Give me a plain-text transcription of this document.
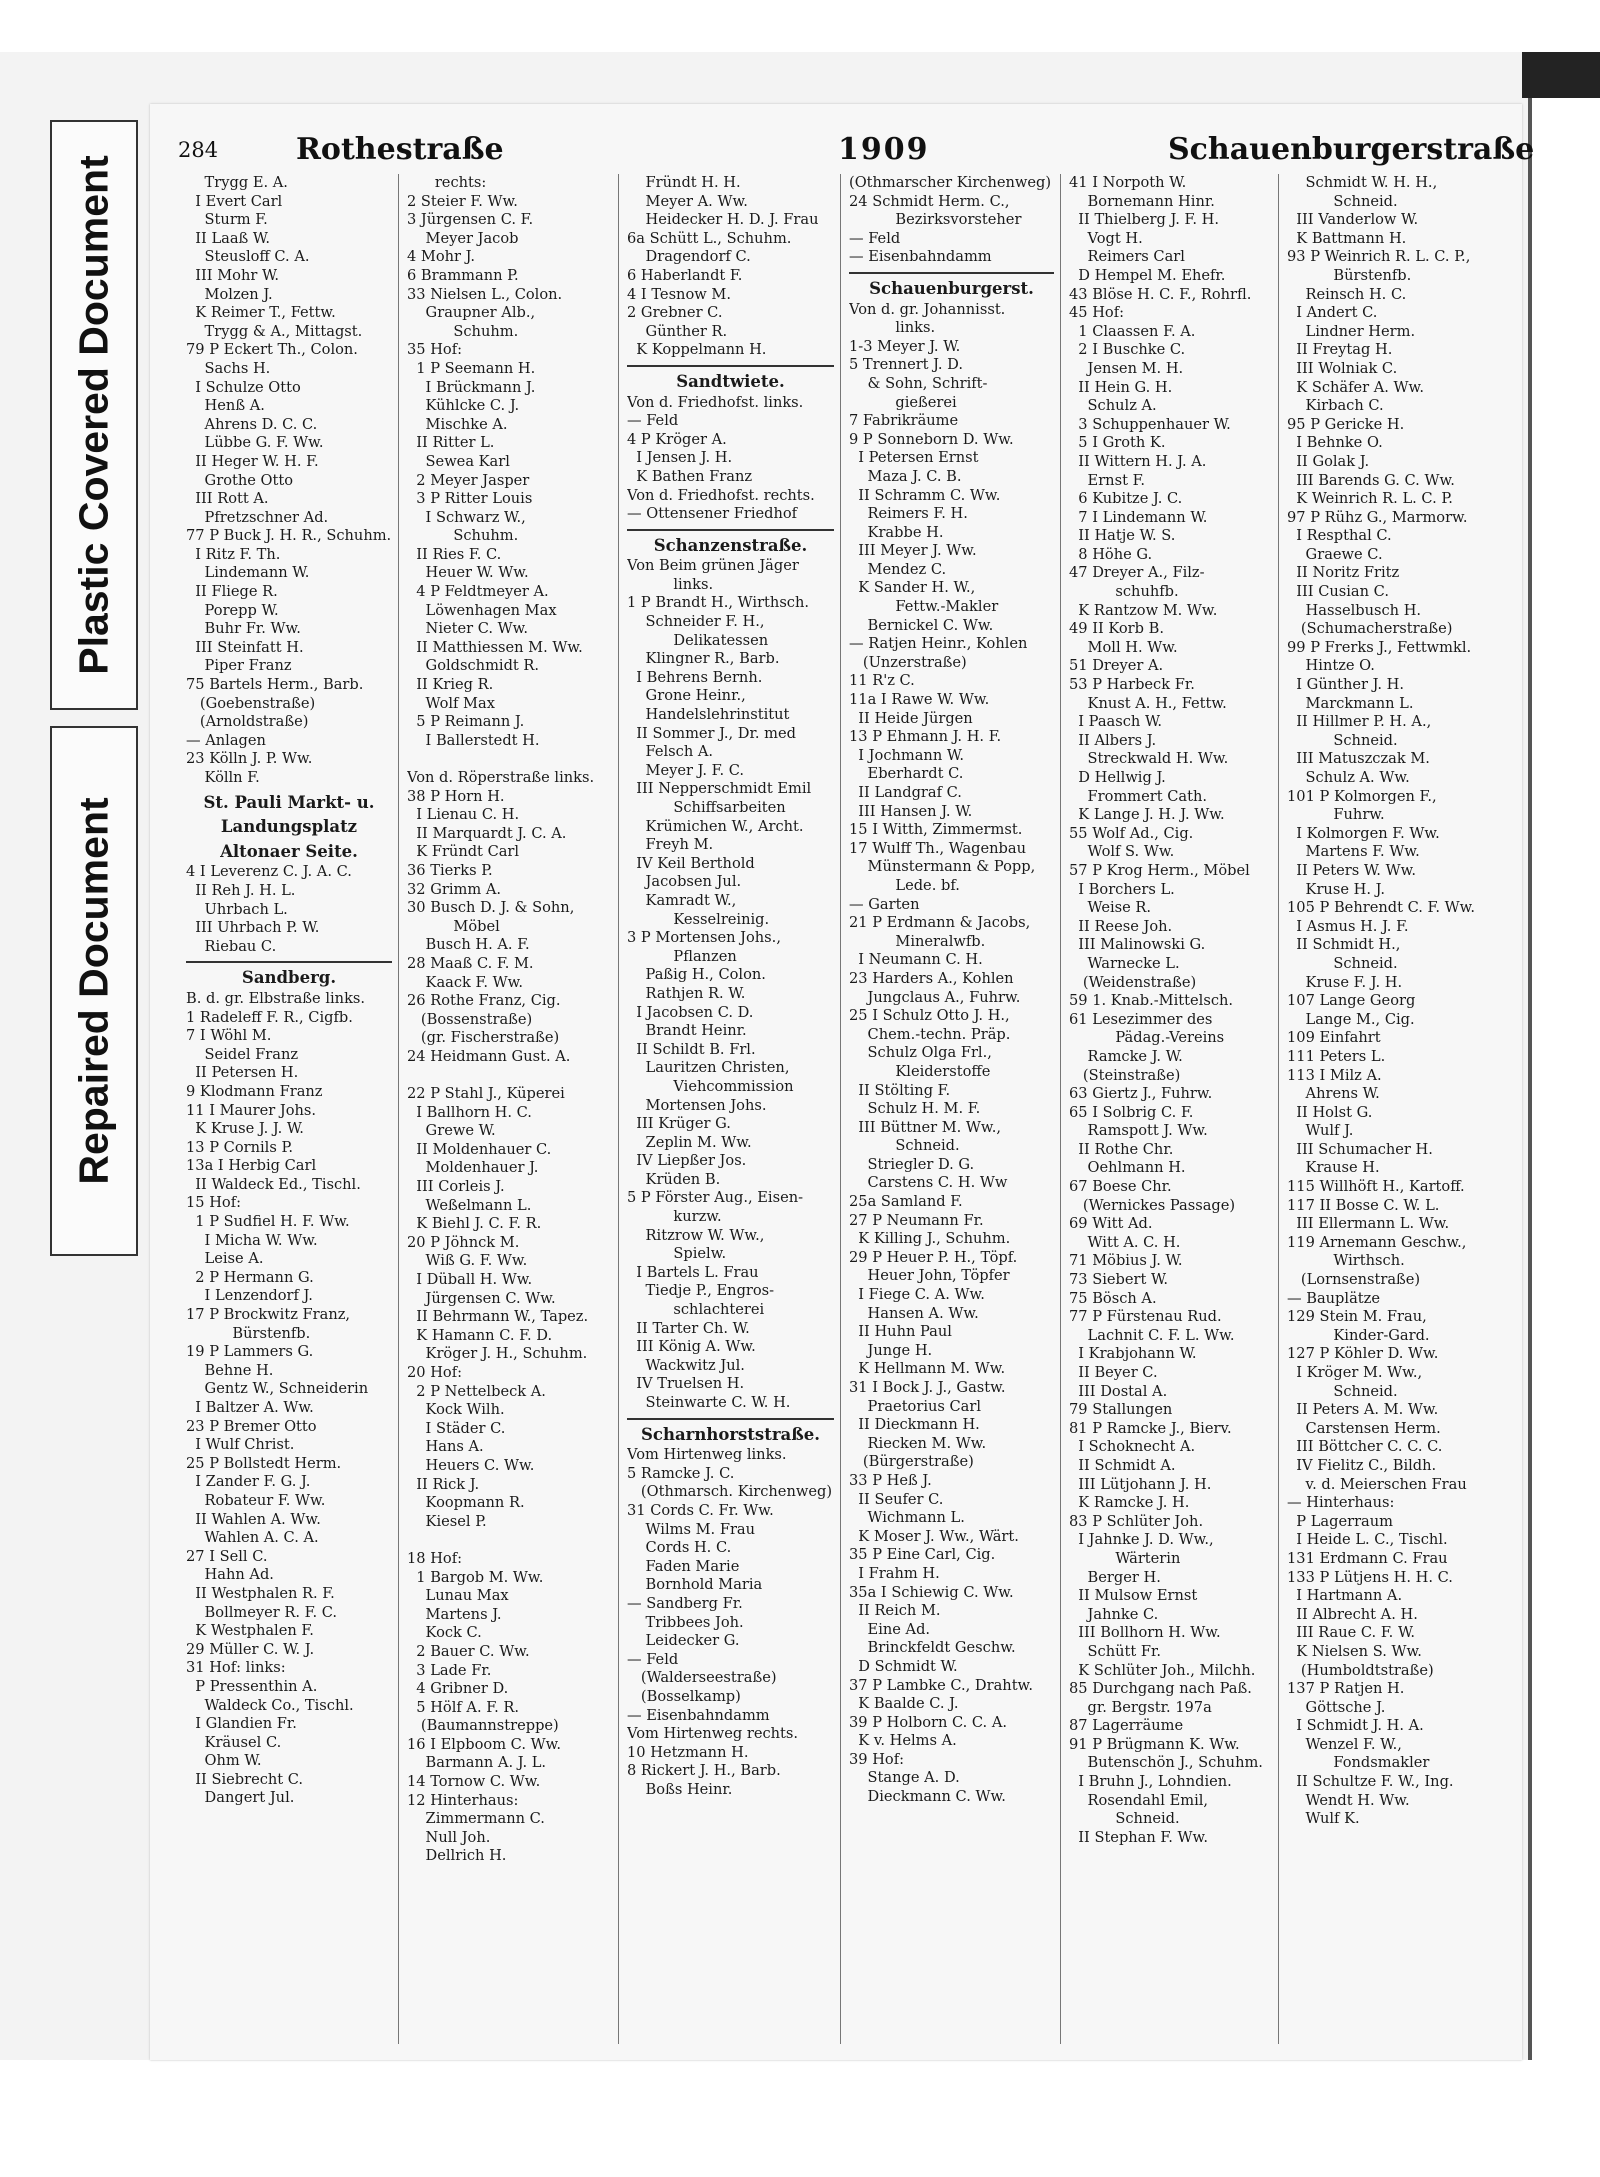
Plastic Covered Document
Repaired Document
284	Rothestraße	1909	Schauenburgerstraße
Trygg E. A.
I Evert Carl
Sturm F.
II Laaß W.
Steusloff C. A.
III Mohr W.
Molzen J.
K Reimer T., Fettw.
Trygg & A., Mittagst.
79 P Eckert Th., Colon.
Sachs H.
I Schulze Otto
Henß A.
Ahrens D. C. C.
Lübbe G. F. Ww.
II Heger W. H. F.
Grothe Otto
III Rott A.
Pfretzschner Ad.
77 P Buck J. H. R., Schuhm.
I Ritz F. Th.
Lindemann W.
II Fliege R.
Porepp W.
Buhr Fr. Ww.
III Steinfatt H.
Piper Franz
75 Bartels Herm., Barb.
(Goebenstraße)
(Arnoldstraße)
— Anlagen
23 Kölln J. P. Ww.
Kölln F.
St. Pauli Markt- u.
Landungsplatz
Altonaer Seite.
4 I Leverenz C. J. A. C.
II Reh J. H. L.
Uhrbach L.
III Uhrbach P. W.
Riebau C.
Sandberg.
B. d. gr. Elbstraße links.
1 Radeleff F. R., Cigfb.
7 I Wöhl M.
Seidel Franz
II Petersen H.
9 Klodmann Franz
11 I Maurer Johs.
K Kruse J. J. W.
13 P Cornils P.
13a I Herbig Carl
II Waldeck Ed., Tischl.
15 Hof:
1 P Sudfiel H. F. Ww.
I Micha W. Ww.
Leise A.
2 P Hermann G.
I Lenzendorf J.
17 P Brockwitz Franz,
Bürstenfb.
19 P Lammers G.
Behne H.
Gentz W., Schneiderin
I Baltzer A. Ww.
23 P Bremer Otto
I Wulf Christ.
25 P Bollstedt Herm.
I Zander F. G. J.
Robateur F. Ww.
II Wahlen A. Ww.
Wahlen A. C. A.
27 I Sell C.
Hahn Ad.
II Westphalen R. F.
Bollmeyer R. F. C.
K Westphalen F.
29 Müller C. W. J.
31 Hof: links:
P Pressenthin A.
Waldeck Co., Tischl.
I Glandien Fr.
Kräusel C.
Ohm W.
II Siebrecht C.
Dangert Jul.
rechts:
2 Steier F. Ww.
3 Jürgensen C. F.
Meyer Jacob
4 Mohr J.
6 Brammann P.
33 Nielsen L., Colon.
Graupner Alb.,
Schuhm.
35 Hof:
1 P Seemann H.
I Brückmann J.
Kühlcke C. J.
Mischke A.
II Ritter L.
Sewea Karl
2 Meyer Jasper
3 P Ritter Louis
I Schwarz W.,
Schuhm.
II Ries F. C.
Heuer W. Ww.
4 P Feldtmeyer A.
Löwenhagen Max
Nieter C. Ww.
II Matthiessen M. Ww.
Goldschmidt R.
II Krieg R.
Wolf Max
5 P Reimann J.
I Ballerstedt H.
Von d. Röperstraße links.
38 P Horn H.
I Lienau C. H.
II Marquardt J. C. A.
K Fründt Carl
36 Tierks P.
32 Grimm A.
30 Busch D. J. & Sohn,
Möbel
Busch H. A. F.
28 Maaß C. F. M.
Kaack F. Ww.
26 Rothe Franz, Cig.
(Bossenstraße)
(gr. Fischerstraße)
24 Heidmann Gust. A.
22 P Stahl J., Küperei
I Ballhorn H. C.
Grewe W.
II Moldenhauer C.
Moldenhauer J.
III Corleis J.
Weßelmann L.
K Biehl J. C. F. R.
20 P Jöhnck M.
Wiß G. F. Ww.
I Düball H. Ww.
Jürgensen C. Ww.
II Behrmann W., Tapez.
K Hamann C. F. D.
Kröger J. H., Schuhm.
20 Hof:
2 P Nettelbeck A.
Kock Wilh.
I Städer C.
Hans A.
Heuers C. Ww.
II Rick J.
Koopmann R.
Kiesel P.
18 Hof:
1 Bargob M. Ww.
Lunau Max
Martens J.
Kock C.
2 Bauer C. Ww.
3 Lade Fr.
4 Gribner D.
5 Hölf A. F. R.
(Baumannstreppe)
16 I Elpboom C. Ww.
Barmann A. J. L.
14 Tornow C. Ww.
12 Hinterhaus:
Zimmermann C.
Null Joh.
Dellrich H.
Fründt H. H.
Meyer A. Ww.
Heidecker H. D. J. Frau
6a Schütt L., Schuhm.
Dragendorf C.
6 Haberlandt F.
4 I Tesnow M.
2 Grebner C.
Günther R.
K Koppelmann H.
Sandtwiete.
Von d. Friedhofst. links.
— Feld
4 P Kröger A.
I Jensen J. H.
K Bathen Franz
Von d. Friedhofst. rechts.
— Ottensener Friedhof
Schanzenstraße.
Von Beim grünen Jäger
links.
1 P Brandt H., Wirthsch.
Schneider F. H.,
Delikatessen
Klingner R., Barb.
I Behrens Bernh.
Grone Heinr.,
Handelslehrinstitut
II Sommer J., Dr. med
Felsch A.
Meyer J. F. C.
III Nepperschmidt Emil
Schiffsarbeiten
Krümichen W., Archt.
Freyh M.
IV Keil Berthold
Jacobsen Jul.
Kamradt W.,
Kesselreinig.
3 P Mortensen Johs.,
Pflanzen
Paßig H., Colon.
Rathjen R. W.
I Jacobsen C. D.
Brandt Heinr.
II Schildt B. Frl.
Lauritzen Christen,
Viehcommission
Mortensen Johs.
III Krüger G.
Zeplin M. Ww.
IV Liepßer Jos.
Krüden B.
5 P Förster Aug., Eisen-
kurzw.
Ritzrow W. Ww.,
Spielw.
I Bartels L. Frau
Tiedje P., Engros-
schlachterei
II Tarter Ch. W.
III König A. Ww.
Wackwitz Jul.
IV Truelsen H.
Steinwarte C. W. H.
Scharnhorststraße.
Vom Hirtenweg links.
5 Ramcke J. C.
(Othmarsch. Kirchenweg)
31 Cords C. Fr. Ww.
Wilms M. Frau
Cords H. C.
Faden Marie
Bornhold Maria
— Sandberg Fr.
Tribbees Joh.
Leidecker G.
— Feld
(Walderseestraße)
(Bosselkamp)
— Eisenbahndamm
Vom Hirtenweg rechts.
10 Hetzmann H.
8 Rickert J. H., Barb.
Boßs Heinr.
(Othmarscher Kirchenweg)
24 Schmidt Herm. C.,
Bezirksvorsteher
— Feld
— Eisenbahndamm
Schauenburgerst.
Von d. gr. Johannisst.
links.
1-3 Meyer J. W.
5 Trennert J. D.
& Sohn, Schrift-
gießerei
7 Fabrikräume
9 P Sonneborn D. Ww.
I Petersen Ernst
Maza J. C. B.
II Schramm C. Ww.
Reimers F. H.
Krabbe H.
III Meyer J. Ww.
Mendez C.
K Sander H. W.,
Fettw.-Makler
Bernickel C. Ww.
— Ratjen Heinr., Kohlen
(Unzerstraße)
11 R'z C.
11a I Rawe W. Ww.
II Heide Jürgen
13 P Ehmann J. H. F.
I Jochmann W.
Eberhardt C.
II Landgraf C.
III Hansen J. W.
15 I Witth, Zimmermst.
17 Wulff Th., Wagenbau
Münstermann & Popp,
Lede. bf.
— Garten
21 P Erdmann & Jacobs,
Mineralwfb.
I Neumann C. H.
23 Harders A., Kohlen
Jungclaus A., Fuhrw.
25 I Schulz Otto J. H.,
Chem.-techn. Präp.
Schulz Olga Frl.,
Kleiderstoffe
II Stölting F.
Schulz H. M. F.
III Büttner M. Ww.,
Schneid.
Striegler D. G.
Carstens C. H. Ww
25a Samland F.
27 P Neumann Fr.
K Killing J., Schuhm.
29 P Heuer P. H., Töpf.
Heuer John, Töpfer
I Fiege C. A. Ww.
Hansen A. Ww.
II Huhn Paul
Junge H.
K Hellmann M. Ww.
31 I Bock J. J., Gastw.
Praetorius Carl
II Dieckmann H.
Riecken M. Ww.
(Bürgerstraße)
33 P Heß J.
II Seufer C.
Wichmann L.
K Moser J. Ww., Wärt.
35 P Eine Carl, Cig.
I Frahm H.
35a I Schiewig C. Ww.
II Reich M.
Eine Ad.
Brinckfeldt Geschw.
D Schmidt W.
37 P Lambke C., Drahtw.
K Baalde C. J.
39 P Holborn C. C. A.
K v. Helms A.
39 Hof:
Stange A. D.
Dieckmann C. Ww.
41 I Norpoth W.
Bornemann Hinr.
II Thielberg J. F. H.
Vogt H.
Reimers Carl
D Hempel M. Ehefr.
43 Blöse H. C. F., Rohrfl.
45 Hof:
1 Claassen F. A.
2 I Buschke C.
Jensen M. H.
II Hein G. H.
Schulz A.
3 Schuppenhauer W.
5 I Groth K.
II Wittern H. J. A.
Ernst F.
6 Kubitze J. C.
7 I Lindemann W.
II Hatje W. S.
8 Höhe G.
47 Dreyer A., Filz-
schuhfb.
K Rantzow M. Ww.
49 II Korb B.
Moll H. Ww.
51 Dreyer A.
53 P Harbeck Fr.
Knust A. H., Fettw.
I Paasch W.
II Albers J.
Streckwald H. Ww.
D Hellwig J.
Frommert Cath.
K Lange J. H. J. Ww.
55 Wolf Ad., Cig.
Wolf S. Ww.
57 P Krog Herm., Möbel
I Borchers L.
Weise R.
II Reese Joh.
III Malinowski G.
Warnecke L.
(Weidenstraße)
59 1. Knab.-Mittelsch.
61 Lesezimmer des
Pädag.-Vereins
Ramcke J. W.
(Steinstraße)
63 Giertz J., Fuhrw.
65 I Solbrig C. F.
Ramspott J. Ww.
II Rothe Chr.
Oehlmann H.
67 Boese Chr.
(Wernickes Passage)
69 Witt Ad.
Witt A. C. H.
71 Möbius J. W.
73 Siebert W.
75 Bösch A.
77 P Fürstenau Rud.
Lachnit C. F. L. Ww.
I Krabjohann W.
II Beyer C.
III Dostal A.
79 Stallungen
81 P Ramcke J., Bierv.
I Schoknecht A.
II Schmidt A.
III Lütjohann J. H.
K Ramcke J. H.
83 P Schlüter Joh.
I Jahnke J. D. Ww.,
Wärterin
Berger H.
II Mulsow Ernst
Jahnke C.
III Bollhorn H. Ww.
Schütt Fr.
K Schlüter Joh., Milchh.
85 Durchgang nach Paß.
gr. Bergstr. 197a
87 Lagerräume
91 P Brügmann K. Ww.
Butenschön J., Schuhm.
I Bruhn J., Lohndien.
Rosendahl Emil,
Schneid.
II Stephan F. Ww.
Schmidt W. H. H.,
Schneid.
III Vanderlow W.
K Battmann H.
93 P Weinrich R. L. C. P.,
Bürstenfb.
Reinsch H. C.
I Andert C.
Lindner Herm.
II Freytag H.
III Wolniak C.
K Schäfer A. Ww.
Kirbach C.
95 P Gericke H.
I Behnke O.
II Golak J.
III Barends G. C. Ww.
K Weinrich R. L. C. P.
97 P Rühz G., Marmorw.
I Respthal C.
Graewe C.
II Noritz Fritz
III Cusian C.
Hasselbusch H.
(Schumacherstraße)
99 P Frerks J., Fettwmkl.
Hintze O.
I Günther J. H.
Marckmann L.
II Hillmer P. H. A.,
Schneid.
III Matuszczak M.
Schulz A. Ww.
101 P Kolmorgen F.,
Fuhrw.
I Kolmorgen F. Ww.
Martens F. Ww.
II Peters W. Ww.
Kruse H. J.
105 P Behrendt C. F. Ww.
I Asmus H. J. F.
II Schmidt H.,
Schneid.
Kruse F. J. H.
107 Lange Georg
Lange M., Cig.
109 Einfahrt
111 Peters L.
113 I Milz A.
Ahrens W.
II Holst G.
Wulf J.
III Schumacher H.
Krause H.
115 Willhöft H., Kartoff.
117 II Bosse C. W. L.
III Ellermann L. Ww.
119 Arnemann Geschw.,
Wirthsch.
(Lornsenstraße)
— Bauplätze
129 Stein M. Frau,
Kinder-Gard.
127 P Köhler D. Ww.
I Kröger M. Ww.,
Schneid.
II Peters A. M. Ww.
Carstensen Herm.
III Böttcher C. C. C.
IV Fielitz C., Bildh.
v. d. Meierschen Frau
— Hinterhaus:
P Lagerraum
I Heide L. C., Tischl.
131 Erdmann C. Frau
133 P Lütjens H. H. C.
I Hartmann A.
II Albrecht A. H.
III Raue C. F. W.
K Nielsen S. Ww.
(Humboldtstraße)
137 P Ratjen H.
Göttsche J.
I Schmidt J. H. A.
Wenzel F. W.,
Fondsmakler
II Schultze F. W., Ing.
Wendt H. Ww.
Wulf K.
